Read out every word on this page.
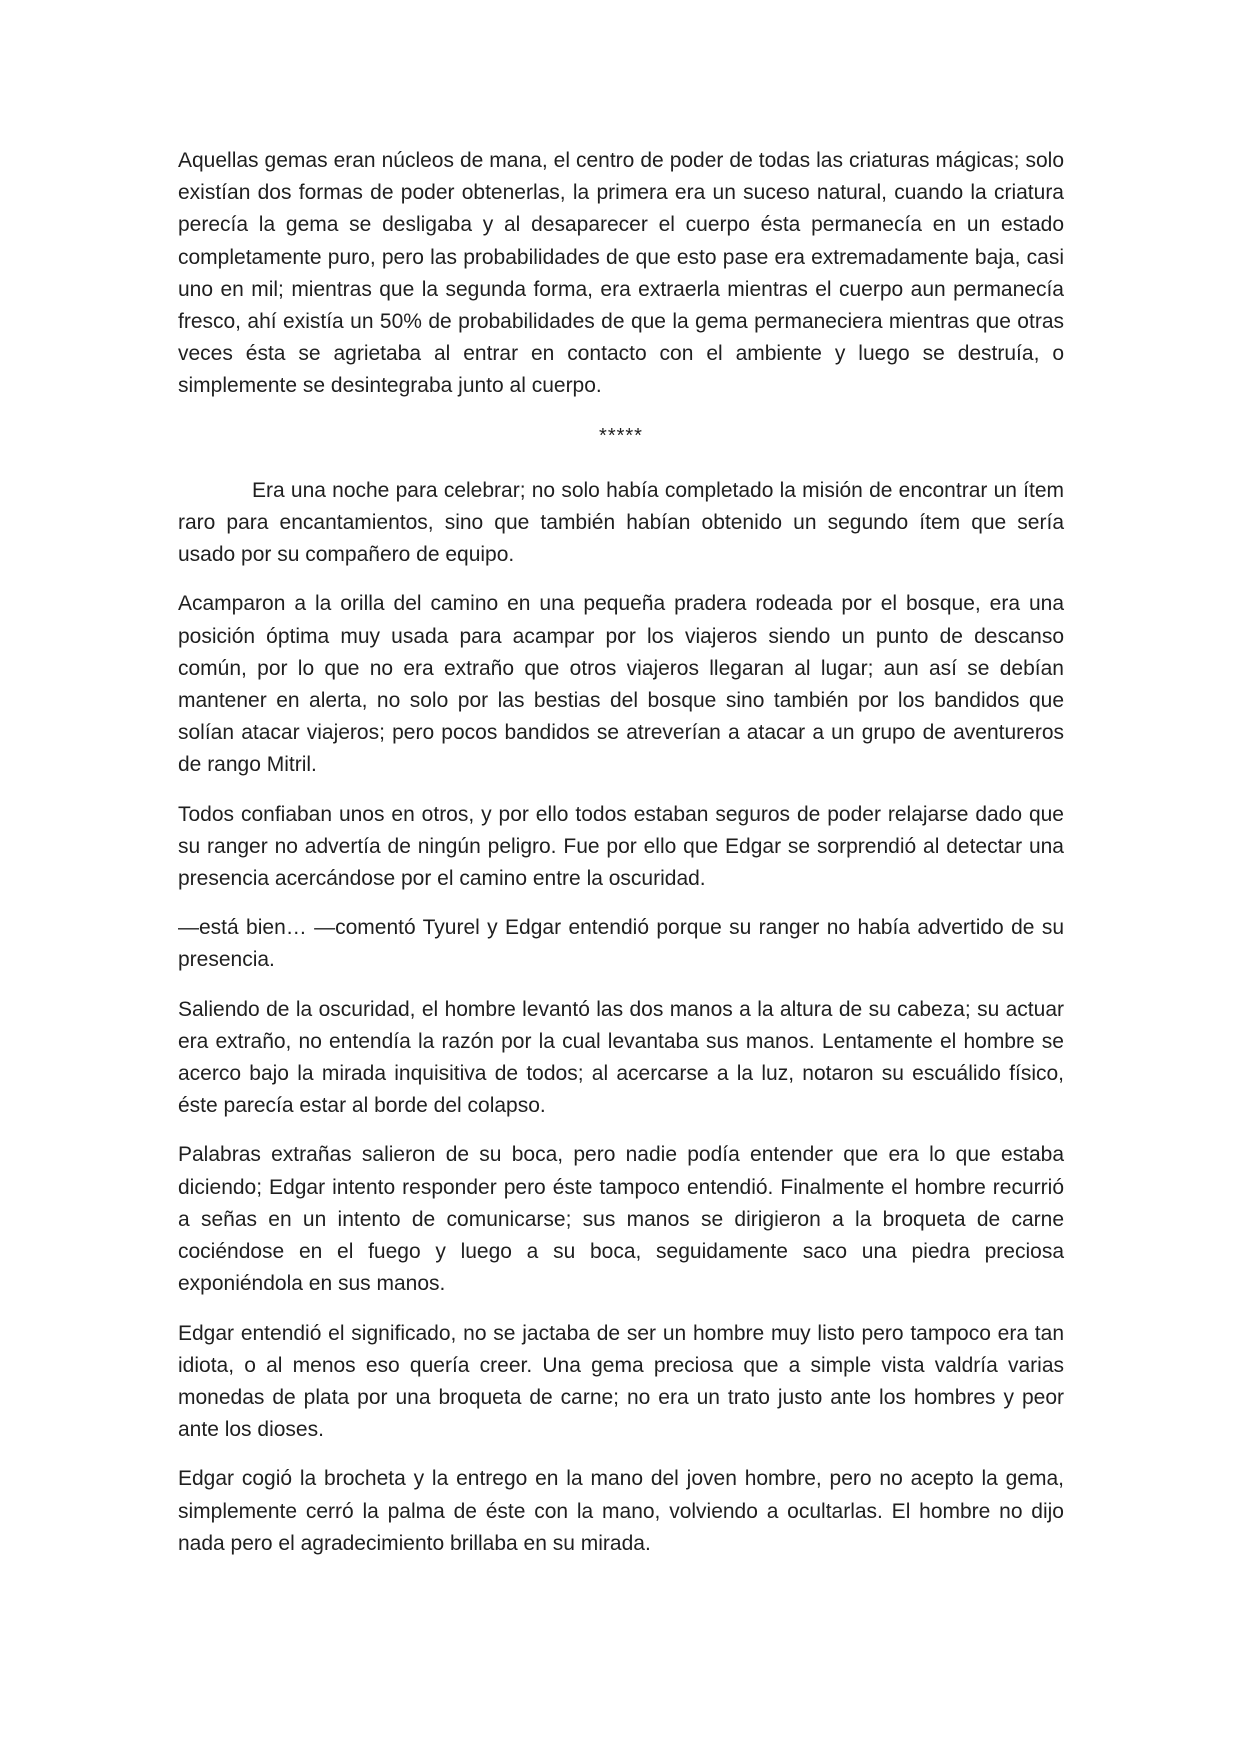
Aquellas gemas eran núcleos de mana, el centro de poder de todas las criaturas mágicas; solo existían dos formas de poder obtenerlas, la primera era un suceso natural, cuando la criatura perecía la gema se desligaba y al desaparecer el cuerpo ésta permanecía en un estado completamente puro, pero las probabilidades de que esto pase era extremadamente baja, casi uno en mil; mientras que la segunda forma, era extraerla mientras el cuerpo aun permanecía fresco, ahí existía un 50% de probabilidades de que la gema permaneciera mientras que otras veces ésta se agrietaba al entrar en contacto con el ambiente y luego se destruía, o simplemente se desintegraba junto al cuerpo.

*****

Era una noche para celebrar; no solo había completado la misión de encontrar un ítem raro para encantamientos, sino que también habían obtenido un segundo ítem que sería usado por su compañero de equipo.

Acamparon a la orilla del camino en una pequeña pradera rodeada por el bosque, era una posición óptima muy usada para acampar por los viajeros siendo un punto de descanso común, por lo que no era extraño que otros viajeros llegaran al lugar; aun así se debían mantener en alerta, no solo por las bestias del bosque sino también por los bandidos que solían atacar viajeros; pero pocos bandidos se atreverían a atacar a un grupo de aventureros de rango Mitril.

Todos confiaban unos en otros, y por ello todos estaban seguros de poder relajarse dado que su ranger no advertía de ningún peligro. Fue por ello que Edgar se sorprendió al detectar una presencia acercándose por el camino entre la oscuridad.

—está bien… —comentó Tyurel y Edgar entendió porque su ranger no había advertido de su presencia.

Saliendo de la oscuridad, el hombre levantó las dos manos a la altura de su cabeza; su actuar era extraño, no entendía la razón por la cual levantaba sus manos. Lentamente el hombre se acerco bajo la mirada inquisitiva de todos; al acercarse a la luz, notaron su escuálido físico, éste parecía estar al borde del colapso.

Palabras extrañas salieron de su boca, pero nadie podía entender que era lo que estaba diciendo; Edgar intento responder pero éste tampoco entendió. Finalmente el hombre recurrió a señas en un intento de comunicarse; sus manos se dirigieron a la broqueta de carne cociéndose en el fuego y luego a su boca, seguidamente saco una piedra preciosa exponiéndola en sus manos.

Edgar entendió el significado, no se jactaba de ser un hombre muy listo pero tampoco era tan idiota, o al menos eso quería creer. Una gema preciosa que a simple vista valdría varias monedas de plata por una broqueta de carne; no era un trato justo ante los hombres y peor ante los dioses.

Edgar cogió la brocheta y la entrego en la mano del joven hombre, pero no acepto la gema, simplemente cerró la palma de éste con la mano, volviendo a ocultarlas. El hombre no dijo nada pero el agradecimiento brillaba en su mirada.
